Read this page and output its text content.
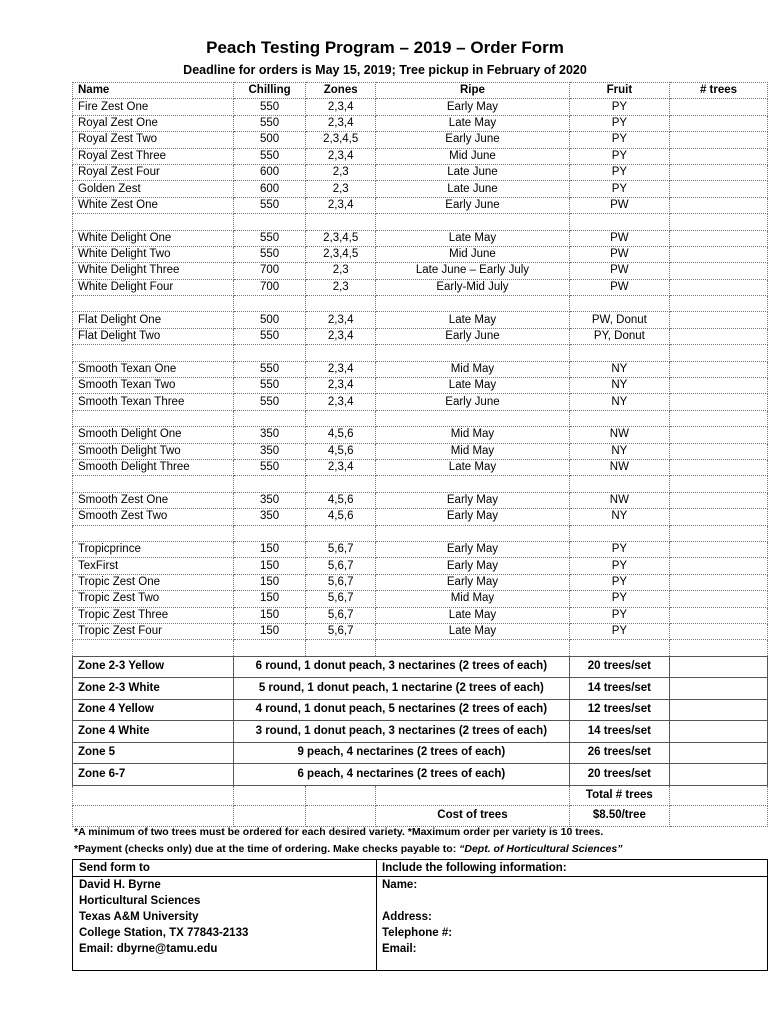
Peach Testing Program – 2019 – Order Form
Deadline for orders is May 15, 2019; Tree pickup in February of 2020
Name	Chilling	Zones	Ripe	Fruit	# trees
Fire Zest One	550	2,3,4	Early May	PY	
Royal Zest One	550	2,3,4	Late May	PY	
Royal Zest Two	500	2,3,4,5	Early June	PY	
Royal Zest Three	550	2,3,4	Mid June	PY	
Royal Zest Four	600	2,3	Late June	PY	
Golden Zest	600	2,3	Late June	PY	
White Zest One	550	2,3,4	Early June	PW	

White Delight One	550	2,3,4,5	Late May	PW	
White Delight Two	550	2,3,4,5	Mid June	PW	
White Delight Three	700	2,3	Late June – Early July	PW	
White Delight Four	700	2,3	Early-Mid July	PW	

Flat Delight One	500	2,3,4	Late May	PW, Donut	
Flat Delight Two	550	2,3,4	Early June	PY, Donut	

Smooth Texan One	550	2,3,4	Mid May	NY	
Smooth Texan Two	550	2,3,4	Late May	NY	
Smooth Texan Three	550	2,3,4	Early June	NY	

Smooth Delight One	350	4,5,6	Mid May	NW	
Smooth Delight Two	350	4,5,6	Mid May	NY	
Smooth Delight Three	550	2,3,4	Late May	NW	

Smooth Zest One	350	4,5,6	Early May	NW	
Smooth Zest Two	350	4,5,6	Early May	NY	

Tropicprince	150	5,6,7	Early May	PY	
TexFirst	150	5,6,7	Early May	PY	
Tropic Zest One	150	5,6,7	Early May	PY	
Tropic Zest Two	150	5,6,7	Mid May	PY	
Tropic Zest Three	150	5,6,7	Late May	PY	
Tropic Zest Four	150	5,6,7	Late May	PY	

Zone 2-3 Yellow	6 round, 1 donut peach, 3 nectarines (2 trees of each)			20 trees/set	
Zone 2-3 White	5 round, 1 donut peach, 1 nectarine (2 trees of each)			14 trees/set	
Zone 4 Yellow	4 round, 1 donut peach, 5 nectarines (2 trees of each)			12 trees/set	
Zone 4 White	3 round, 1 donut peach, 3 nectarines (2 trees of each)			14 trees/set	
Zone 5	9 peach, 4 nectarines (2 trees of each)			26 trees/set	
Zone 6-7	6 peach, 4 nectarines (2 trees of each)			20 trees/set	
				Total # trees	
			Cost of trees	$8.50/tree	
*A minimum of two trees must be ordered for each desired variety. *Maximum order per variety is 10 trees.
*Payment (checks only) due at the time of ordering. Make checks payable to: “Dept. of Horticultural Sciences”
Send form to
David H. Byrne
Horticultural Sciences
Texas A&M University
College Station, TX 77843-2133
Email: dbyrne@tamu.edu
Include the following information:
Name:
Address:
Telephone #:
Email:
